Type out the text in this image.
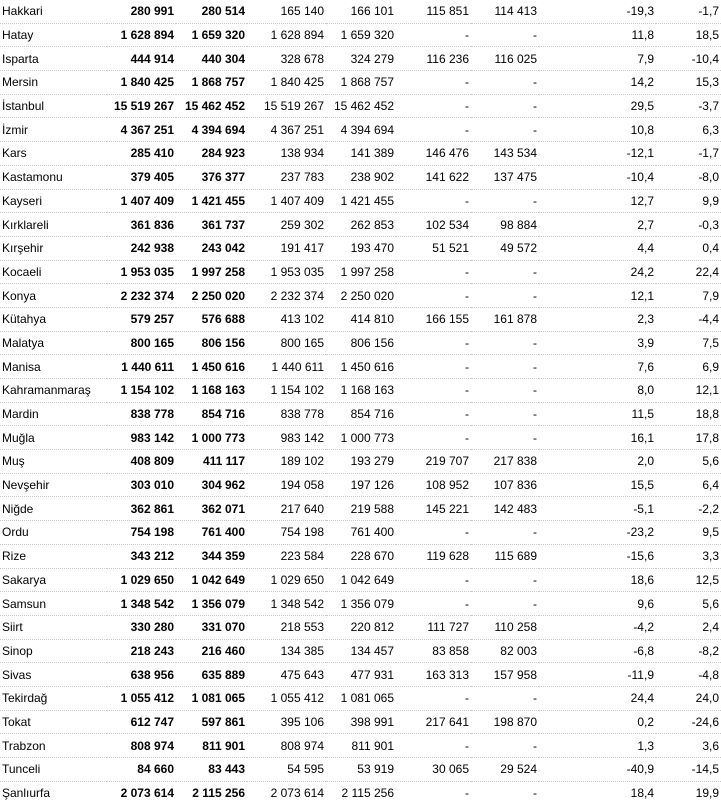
Hakkari	280 991	280 514	165 140	166 101	115 851	114 413	-19,3	-1,7
Hatay	1 628 894	1 659 320	1 628 894	1 659 320	-	-	11,8	18,5
Isparta	444 914	440 304	328 678	324 279	116 236	116 025	7,9	-10,4
Mersin	1 840 425	1 868 757	1 840 425	1 868 757	-	-	14,2	15,3
İstanbul	15 519 267	15 462 452	15 519 267	15 462 452	-	-	29,5	-3,7
İzmir	4 367 251	4 394 694	4 367 251	4 394 694	-	-	10,8	6,3
Kars	285 410	284 923	138 934	141 389	146 476	143 534	-12,1	-1,7
Kastamonu	379 405	376 377	237 783	238 902	141 622	137 475	-10,4	-8,0
Kayseri	1 407 409	1 421 455	1 407 409	1 421 455	-	-	12,7	9,9
Kırklareli	361 836	361 737	259 302	262 853	102 534	98 884	2,7	-0,3
Kırşehir	242 938	243 042	191 417	193 470	51 521	49 572	4,4	0,4
Kocaeli	1 953 035	1 997 258	1 953 035	1 997 258	-	-	24,2	22,4
Konya	2 232 374	2 250 020	2 232 374	2 250 020	-	-	12,1	7,9
Kütahya	579 257	576 688	413 102	414 810	166 155	161 878	2,3	-4,4
Malatya	800 165	806 156	800 165	806 156	-	-	3,9	7,5
Manisa	1 440 611	1 450 616	1 440 611	1 450 616	-	-	7,6	6,9
Kahramanmaraş	1 154 102	1 168 163	1 154 102	1 168 163	-	-	8,0	12,1
Mardin	838 778	854 716	838 778	854 716	-	-	11,5	18,8
Muğla	983 142	1 000 773	983 142	1 000 773	-	-	16,1	17,8
Muş	408 809	411 117	189 102	193 279	219 707	217 838	2,0	5,6
Nevşehir	303 010	304 962	194 058	197 126	108 952	107 836	15,5	6,4
Niğde	362 861	362 071	217 640	219 588	145 221	142 483	-5,1	-2,2
Ordu	754 198	761 400	754 198	761 400	-	-	-23,2	9,5
Rize	343 212	344 359	223 584	228 670	119 628	115 689	-15,6	3,3
Sakarya	1 029 650	1 042 649	1 029 650	1 042 649	-	-	18,6	12,5
Samsun	1 348 542	1 356 079	1 348 542	1 356 079	-	-	9,6	5,6
Siirt	330 280	331 070	218 553	220 812	111 727	110 258	-4,2	2,4
Sinop	218 243	216 460	134 385	134 457	83 858	82 003	-6,8	-8,2
Sivas	638 956	635 889	475 643	477 931	163 313	157 958	-11,9	-4,8
Tekirdağ	1 055 412	1 081 065	1 055 412	1 081 065	-	-	24,4	24,0
Tokat	612 747	597 861	395 106	398 991	217 641	198 870	0,2	-24,6
Trabzon	808 974	811 901	808 974	811 901	-	-	1,3	3,6
Tunceli	84 660	83 443	54 595	53 919	30 065	29 524	-40,9	-14,5
Şanlıurfa	2 073 614	2 115 256	2 073 614	2 115 256	-	-	18,4	19,9
